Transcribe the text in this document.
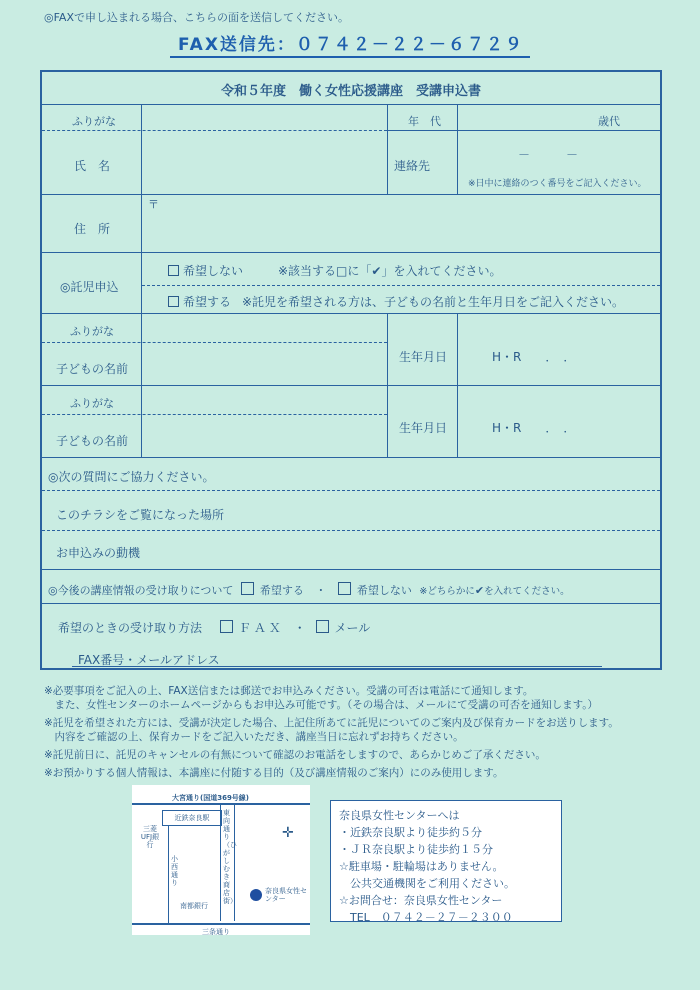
◎FAXで申し込まれる場合、こちらの面を送信してください。
FAX送信先：０７４２－２２－６７２９
令和５年度　働く女性応援講座　受講申込書
ふりがな	年　代	歳代
氏　名	連絡先
－　　　－
※日中に連絡のつく番号をご記入ください。
〒
住　所
◎託児申込
希望しない	※該当する□に「✔」を入れてください。
希望する ※託児を希望される方は、子どもの名前と生年月日をご記入ください。
ふりがな
子どもの名前
生年月日	H・R　　．　．
ふりがな
子どもの名前
生年月日	H・R　　．　．
◎次の質問にご協力ください。
このチラシをご覧になった場所
お申込みの動機
◎今後の講座情報の受け取りについて 希望する ・	希望しない ※どちらかに✔を入れてください。
希望のときの受け取り方法	ＦＡＸ ・ メール
FAX番号・メールアドレス
※必要事項をご記入の上、FAX送信または郵送でお申込みください。受講の可否は電話にて通知します。
　また、女性センターのホームページからもお申込み可能です。（その場合は、メールにて受講の可否を通知します。）
※託児を希望された方には、受講が決定した場合、上記住所あてに託児についてのご案内及び保育カードをお送りします。
　内容をご確認の上、保育カードをご記入いただき、講座当日に忘れずお持ちください。
※託児前日に、託児のキャンセルの有無について確認のお電話をしますので、あらかじめご了承ください。
※お預かりする個人情報は、本講座に付随する目的（及び講座情報のご案内）にのみ使用します。
大宮通り(国道369号線)
近鉄奈良駅
東向通り（ひがしむき商店街）
三菱UFJ銀行
小西通り
南都銀行
奈良県女性センター
三条通り
✛
奈良県女性センターへは
・近鉄奈良駅より徒歩約５分
・ＪＲ奈良駅より徒歩約１５分
☆駐車場・駐輪場はありません。
　公共交通機関をご利用ください。
☆お問合せ：奈良県女性センター
　TEL　０７４２－２７－２３００
